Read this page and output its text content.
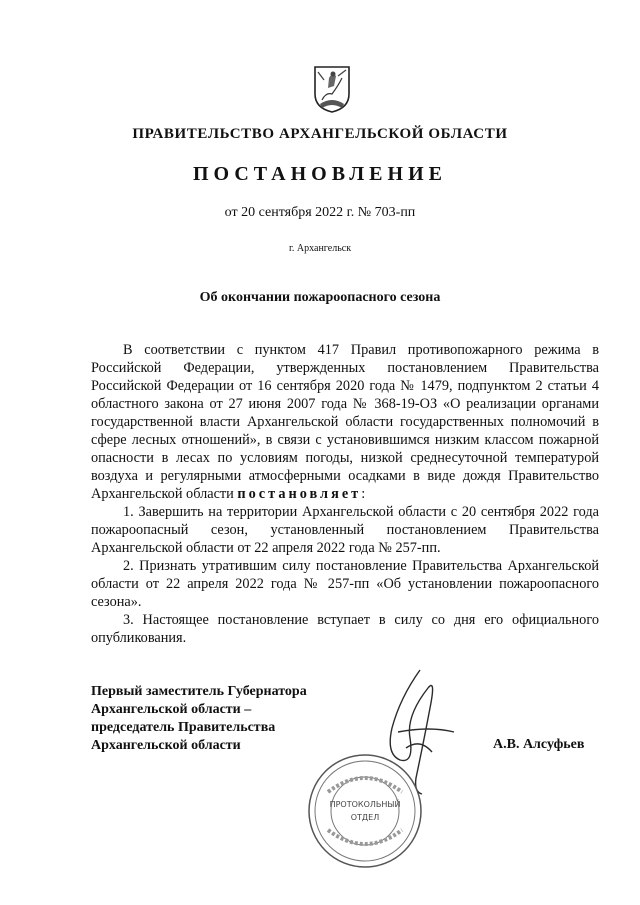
ПРАВИТЕЛЬСТВО АРХАНГЕЛЬСКОЙ ОБЛАСТИ
ПОСТАНОВЛЕНИЕ
от 20 сентября 2022 г. № 703-пп
г. Архангельск
Об окончании пожароопасного сезона

В соответствии с пунктом 417 Правил противопожарного режима в Российской Федерации, утвержденных постановлением Правительства Российской Федерации от 16 сентября 2020 года № 1479, подпунктом 2 статьи 4 областного закона от 27 июня 2007 года № 368-19-ОЗ «О реализации органами государственной власти Архангельской области государственных полномочий в сфере лесных отношений», в связи с установившимся низким классом пожарной опасности в лесах по условиям погоды, низкой среднесуточной температурой воздуха и регулярными атмосферными осадками в виде дождя Правительство Архангельской области постановляет:

1. Завершить на территории Архангельской области с 20 сентября 2022 года пожароопасный сезон, установленный постановлением Правительства Архангельской области от 22 апреля 2022 года № 257-пп.

2. Признать утратившим силу постановление Правительства Архангельской области от 22 апреля 2022 года № 257-пп «Об установлении пожароопасного сезона».

3. Настоящее постановление вступает в силу со дня его официального опубликования.

Первый заместитель Губернатора
Архангельской области –
председатель Правительства
Архангельской области	А.В. Алсуфьев
ПРОТОКОЛЬНЫЙ
ОТДЕЛ
